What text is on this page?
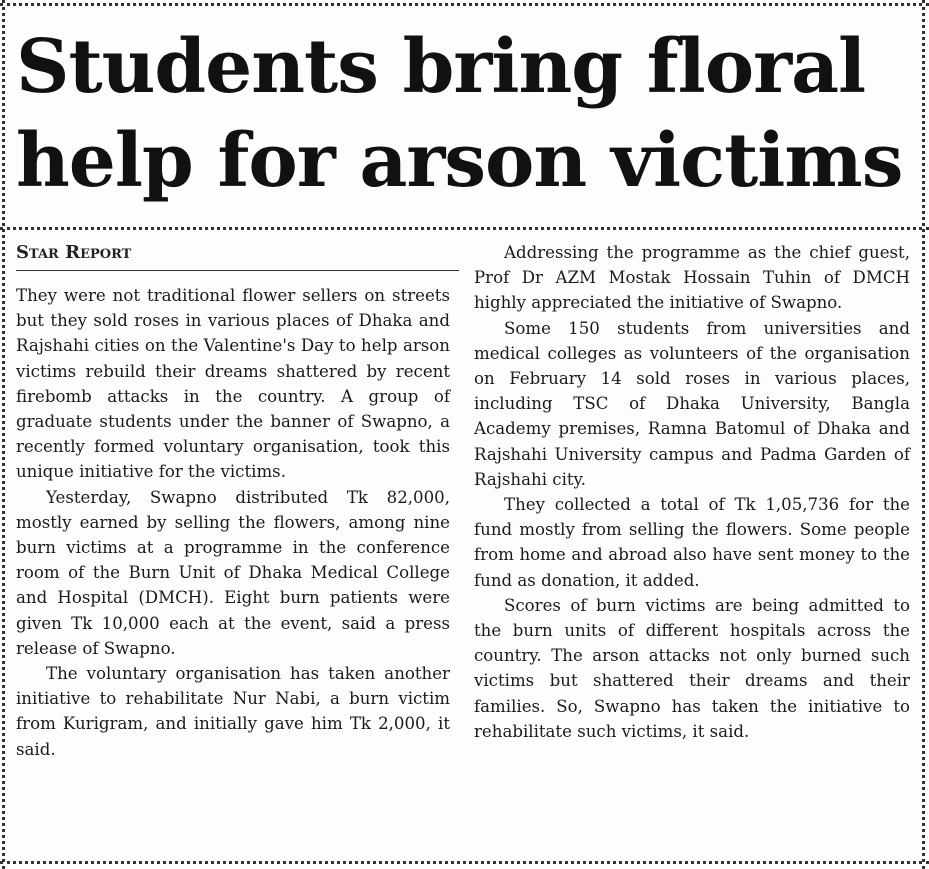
Students bring floral
help for arson victims
Star Report

They were not traditional flower sellers on streets but they sold roses in various places of Dhaka and Rajshahi cities on the Valentine's Day to help arson victims rebuild their dreams shattered by recent firebomb attacks in the country. A group of graduate students under the banner of Swapno, a recently formed voluntary organisation, took this unique initiative for the victims.

Yesterday, Swapno distributed Tk 82,000, mostly earned by selling the flowers, among nine burn victims at a programme in the conference room of the Burn Unit of Dhaka Medical College and Hospital (DMCH). Eight burn patients were given Tk 10,000 each at the event, said a press release of Swapno.

The voluntary organisation has taken another initiative to rehabilitate Nur Nabi, a burn victim from Kurigram, and initially gave him Tk 2,000, it said.

Addressing the programme as the chief guest, Prof Dr AZM Mostak Hossain Tuhin of DMCH highly appreciated the initiative of Swapno.

Some 150 students from universities and medical colleges as volunteers of the organisation on February 14 sold roses in various places, including TSC of Dhaka University, Bangla Academy premises, Ramna Batomul of Dhaka and Rajshahi University campus and Padma Garden of Rajshahi city.

They collected a total of Tk 1,05,736 for the fund mostly from selling the flowers. Some people from home and abroad also have sent money to the fund as donation, it added.

Scores of burn victims are being admitted to the burn units of different hospitals across the country. The arson attacks not only burned such victims but shattered their dreams and their families. So, Swapno has taken the initiative to rehabilitate such victims, it said.
